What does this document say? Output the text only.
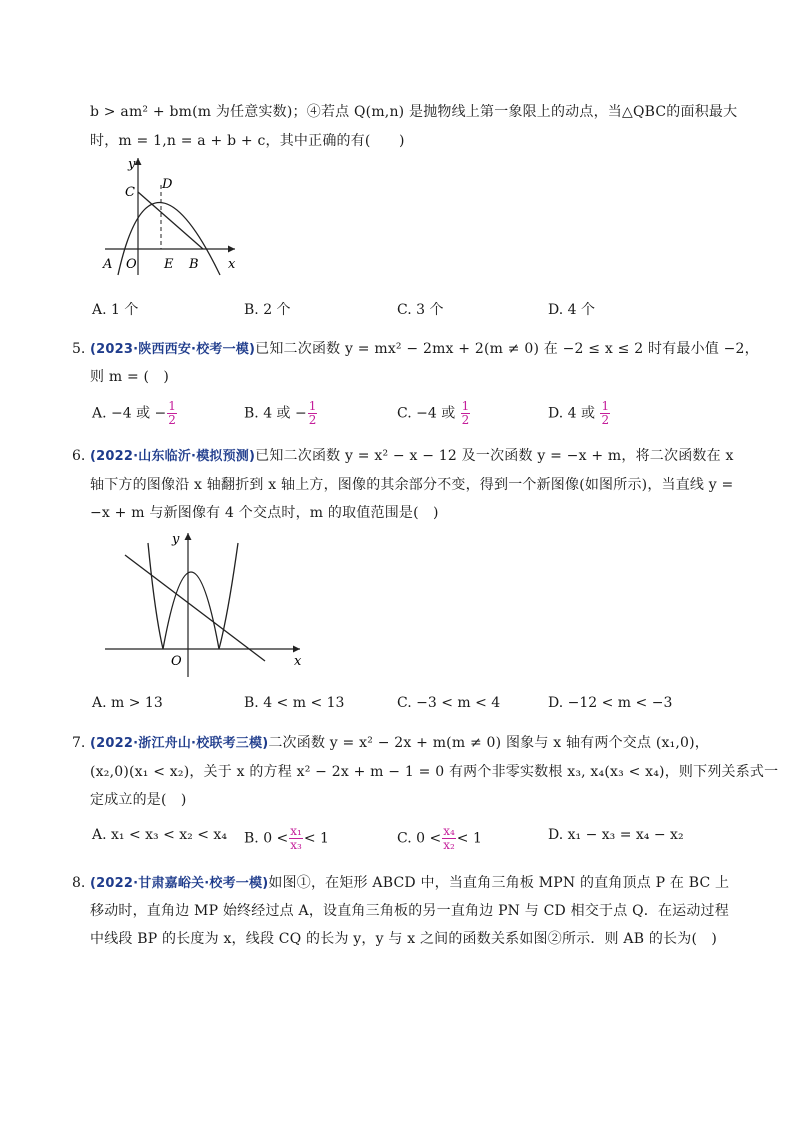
b > am² + bm(m 为任意实数)；④若点 Q(m,n) 是抛物线上第一象限上的动点，当△QBC的面积最大
时，m = 1,n = a + b + c，其中正确的有(　　)
y
C
D
A O E B x
A. 1 个	B. 2 个	C. 3 个	D. 4 个
5. (2023·陕西西安·校考一模)已知二次函数 y = mx² − 2mx + 2(m ≠ 0) 在 −2 ≤ x ≤ 2 时有最小值 −2，
则 m = (　)
A. −4 或 − $\frac{1}{2}$	B. 4 或 − $\frac{1}{2}$	C. −4 或 $\frac{1}{2}$	D. 4 或 $\frac{1}{2}$
6. (2022·山东临沂·模拟预测)已知二次函数 y = x² − x − 12 及一次函数 y = −x + m，将二次函数在 x
轴下方的图像沿 x 轴翻折到 x 轴上方，图像的其余部分不变，得到一个新图像(如图所示)，当直线 y =
−x + m 与新图像有 4 个交点时，m 的取值范围是(　)
y
O	x
A. m > 13	B. 4 < m < 13	C. −3 < m < 4	D. −12 < m < −3
7. (2022·浙江舟山·校联考三模)二次函数 y = x² − 2x + m(m ≠ 0) 图象与 x 轴有两个交点 (x₁,0)，
(x₂,0)(x₁ < x₂)，关于 x 的方程 x² − 2x + m − 1 = 0 有两个非零实数根 x₃, x₄(x₃ < x₄)，则下列关系式一
定成立的是(　)
A. x₁ < x₃ < x₂ < x₄ B. $0 < \frac{\text{x₁}}{\text{x₃}} < 1$	C. $0 < \frac{\text{x₄}}{\text{x₂}} < 1$	D. x₁ − x₃ = x₄ − x₂
8. (2022·甘肃嘉峪关·校考一模)如图①，在矩形 ABCD 中，当直角三角板 MPN 的直角顶点 P 在 BC 上
移动时，直角边 MP 始终经过点 A，设直角三角板的另一直角边 PN 与 CD 相交于点 Q．在运动过程
中线段 BP 的长度为 x，线段 CQ 的长为 y，y 与 x 之间的函数关系如图②所示．则 AB 的长为(　)
